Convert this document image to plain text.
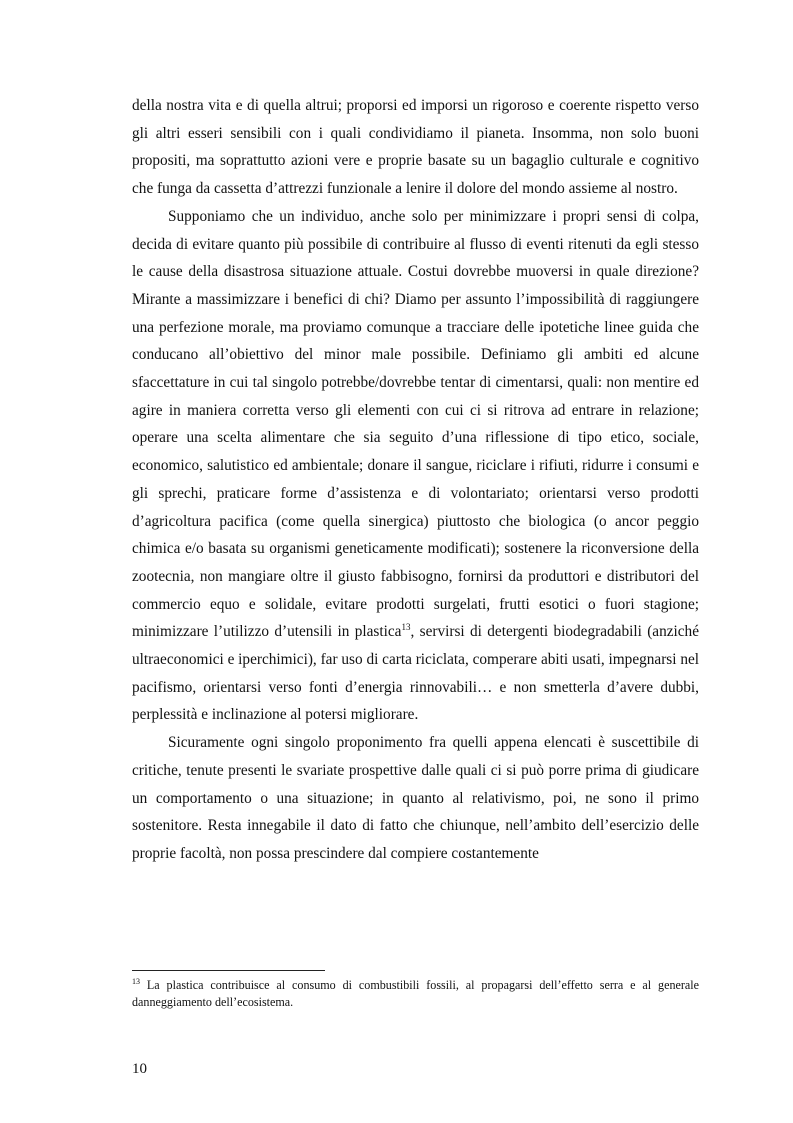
della nostra vita e di quella altrui; proporsi ed imporsi un rigoroso e coerente rispetto verso gli altri esseri sensibili con i quali condividiamo il pianeta. Insomma, non solo buoni propositi, ma soprattutto azioni vere e proprie basate su un bagaglio culturale e cognitivo che funga da cassetta d’attrezzi funzionale a lenire il dolore del mondo assieme al nostro.

Supponiamo che un individuo, anche solo per minimizzare i propri sensi di colpa, decida di evitare quanto più possibile di contribuire al flusso di eventi ritenuti da egli stesso le cause della disastrosa situazione attuale. Costui dovrebbe muoversi in quale direzione? Mirante a massimizzare i benefici di chi? Diamo per assunto l’impossibilità di raggiungere una perfezione morale, ma proviamo comunque a tracciare delle ipotetiche linee guida che conducano all’obiettivo del minor male possibile. Definiamo gli ambiti ed alcune sfaccettature in cui tal singolo potrebbe/dovrebbe tentar di cimentarsi, quali: non mentire ed agire in maniera corretta verso gli elementi con cui ci si ritrova ad entrare in relazione; operare una scelta alimentare che sia seguito d’una riflessione di tipo etico, sociale, economico, salutistico ed ambientale; donare il sangue, riciclare i rifiuti, ridurre i consumi e gli sprechi, praticare forme d’assistenza e di volontariato; orientarsi verso prodotti d’agricoltura pacifica (come quella sinergica) piuttosto che biologica (o ancor peggio chimica e/o basata su organismi geneticamente modificati); sostenere la riconversione della zootecnia, non mangiare oltre il giusto fabbisogno, fornirsi da produttori e distributori del commercio equo e solidale, evitare prodotti surgelati, frutti esotici o fuori stagione; minimizzare l’utilizzo d’utensili in plastica$^{13}$, servirsi di detergenti biodegradabili (anziché ultraeconomici e iperchimici), far uso di carta riciclata, comperare abiti usati, impegnarsi nel pacifismo, orientarsi verso fonti d’energia rinnovabili… e non smetterla d’avere dubbi, perplessità e inclinazione al potersi migliorare.

Sicuramente ogni singolo proponimento fra quelli appena elencati è suscettibile di critiche, tenute presenti le svariate prospettive dalle quali ci si può porre prima di giudicare un comportamento o una situazione; in quanto al relativismo, poi, ne sono il primo sostenitore. Resta innegabile il dato di fatto che chiunque, nell’ambito dell’esercizio delle proprie facoltà, non possa prescindere dal compiere costantemente

$^{13}$ La plastica contribuisce al consumo di combustibili fossili, al propagarsi dell’effetto serra e al generale danneggiamento dell’ecosistema.
10
